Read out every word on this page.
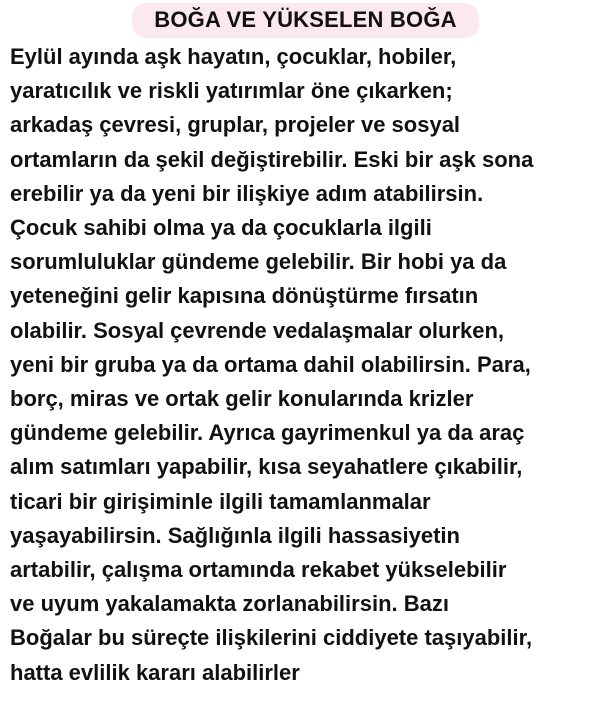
BOĞA VE YÜKSELEN BOĞA
Eylül ayında aşk hayatın, çocuklar, hobiler,
yaratıcılık ve riskli yatırımlar öne çıkarken;
arkadaş çevresi, gruplar, projeler ve sosyal
ortamların da şekil değiştirebilir. Eski bir aşk sona
erebilir ya da yeni bir ilişkiye adım atabilirsin.
Çocuk sahibi olma ya da çocuklarla ilgili
sorumluluklar gündeme gelebilir. Bir hobi ya da
yeteneğini gelir kapısına dönüştürme fırsatın
olabilir. Sosyal çevrende vedalaşmalar olurken,
yeni bir gruba ya da ortama dahil olabilirsin. Para,
borç, miras ve ortak gelir konularında krizler
gündeme gelebilir. Ayrıca gayrimenkul ya da araç
alım satımları yapabilir, kısa seyahatlere çıkabilir,
ticari bir girişiminle ilgili tamamlanmalar
yaşayabilirsin. Sağlığınla ilgili hassasiyetin
artabilir, çalışma ortamında rekabet yükselebilir
ve uyum yakalamakta zorlanabilirsin. Bazı
Boğalar bu süreçte ilişkilerini ciddiyete taşıyabilir,
hatta evlilik kararı alabilirler
